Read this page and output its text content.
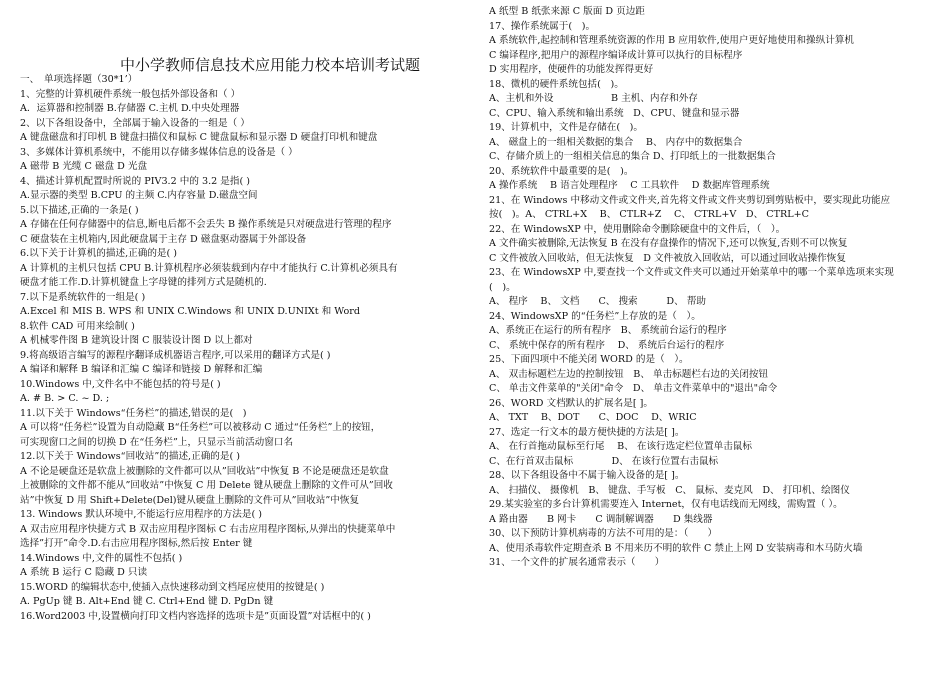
中小学教师信息技术应用能力校本培训考试题
一、　单项选择题（30*1’）
1、完整的计算机硬件系统一般包括外部设备和（ ）
A．运算器和控制器 B.存储器 C.主机 D.中央处理器
2、以下各组设备中，全部属于输入设备的一组是（ ）
A 键盘磁盘和打印机 B 键盘扫描仪和鼠标 C 键盘鼠标和显示器 D 硬盘打印机和键盘
3、多媒体计算机系统中，不能用以存储多媒体信息的设备是（ ）
A 磁带 B 光缆 C 磁盘 D 光盘
4、描述计算机配置时所说的 PIV3.2 中的 3.2 是指( )
A.显示器的类型 B.CPU 的主频 C.内存容量 D.磁盘空间
5.以下描述,正确的一条是( )
A 存储在任何存储器中的信息,断电后都不会丢失 B 操作系统是只对硬盘进行管理的程序
C 硬盘装在主机箱内,因此硬盘属于主存 D 磁盘驱动器属于外部设备
6.以下关于计算机的描述,正确的是( )
A 计算机的主机只包括 CPU B.计算机程序必须装载到内存中才能执行 C.计算机必须具有
硬盘才能工作.D.计算机键盘上字母键的排列方式是随机的.
7.以下是系统软件的一组是( )
A.Excel 和 MIS B. WPS 和 UNIX C.Windows 和 UNIX D.UNIXt 和 Word
8.软件 CAD 可用来绘制( )
A 机械零件图 B 建筑设计图 C 服装设计图 D 以上都对
9.将高级语言编写的源程序翻译成机器语言程序,可以采用的翻译方式是( )
A 编译和解释 B 编译和汇编 C 编译和链接 D 解释和汇编
10.Windows 中,文件名中不能包括的符号是( )
A. # B. > C. ~ D. ;
11.以下关于 Windows“任务栏”的描述,错误的是(　)
A 可以将“任务栏”设置为自动隐藏 B“任务栏”可以被移动 C 通过“任务栏”上的按钮，
可实现窗口之间的切换 D 在“任务栏”上，只显示当前活动窗口名
12.以下关于 Windows“回收站”的描述,正确的是( )
A 不论是硬盘还是软盘上被删除的文件都可以从”回收站”中恢复 B 不论是硬盘还是软盘
上被删除的文件都不能从”回收站”中恢复 C 用 Delete 键从硬盘上删除的文件可从”回收
站”中恢复 D 用 Shift+Delete(Del)键从硬盘上删除的文件可从”回收站”中恢复
13. Windows 默认环境中,不能运行应用程序的方法是( )
A 双击应用程序快捷方式 B 双击应用程序图标 C 右击应用程序图标,从弹出的快捷菜单中
选择”打开”命令.D.右击应用程序图标,然后按 Enter 键
14.Windows 中,文件的属性不包括( )
A 系统 B 运行 C 隐藏 D 只读
15.WORD 的编辑状态中,使插入点快速移动到文档尾应使用的按键是( )
A. PgUp 键 B. Alt+End 键 C. Ctrl+End 键 D. PgDn 键
16.Word2003 中,设置横向打印文档内容选择的选项卡是”页面设置”对话框中的( )
A 纸型 B 纸张来源 C 版面 D 页边距
17、操作系统属于(　)。
A 系统软件,起控制和管理系统资源的作用 B 应用软件,使用户更好地使用和操纵计算机
C 编译程序,把用户的源程序编译成计算可以执行的目标程序
D 实用程序，使硬件的功能发挥得更好
18、微机的硬件系统包括(　)。
A、主机和外设　　　　　　B 主机、内存和外存
C、CPU、输入系统和输出系统　D、CPU、键盘和显示器
19、计算机中，文件是存储在(　)。
A、 磁盘上的一组相关数据的集合　 B、 内存中的数据集合
C、存储介质上的一组相关信息的集合 D、打印纸上的一批数据集合
20、系统软件中最重要的是(　)。
A 操作系统　 B 语言处理程序　 C 工具软件　 D 数据库管理系统
21、在 Windows 中移动文件或文件夹,首先将文件或文件夹剪切到剪贴板中，要实现此功能应
按(　)。A、 CTRL+X　 B、 CTLR+Z　 C、 CTRL+V　D、 CTRL+C
22、在 WindowsXP 中，使用删除命令删除硬盘中的文件后，（　）。
A 文件确实被删除,无法恢复 B 在没有存盘操作的情况下,还可以恢复,否则不可以恢复
C 文件被放入回收站，但无法恢复　D 文件被放入回收站，可以通过回收站操作恢复
23、在 WindowsXP 中,要查找一个文件或文件夹可以通过开始菜单中的哪一个菜单选项来实现
(　)。
A、 程序　 B、 文档　　C、 搜索　　　D、 帮助
24、WindowsXP 的“任务栏”上存放的是（　）。
A、系统正在运行的所有程序　B、 系统前台运行的程序
C、 系统中保存的所有程序　 D、 系统后台运行的程序
25、下面四项中不能关闭 WORD 的是（　）。
A、 双击标题栏左边的控制按钮　B、 单击标题栏右边的关闭按钮
C、 单击文件菜单的"关闭"命令　D、 单击文件菜单中的"退出"命令
26、WORD 文档默认的扩展名是[ ]。
A、 TXT　 B、DOT　　C、DOC　 D、WRIC
27、选定一行文本的最方便快捷的方法是[ ]。
A、 在行首拖动鼠标至行尾　 B、 在该行选定栏位置单击鼠标
C、在行首双击鼠标　　　　D、 在该行位置右击鼠标
28、以下各组设备中不属于输入设备的是[ ]。
A、 扫描仪、 摄像机　B、 键盘、手写板　C、 鼠标、麦克风　D、 打印机、绘图仪
29.某实验室的多台计算机需要连入 Internet，仅有电话线而无网线，需购置（ ）。
A 路由器　　B 网卡　　C 调制解调器　　D 集线器
30、以下预防计算机病毒的方法不可用的是：（　　）
A、使用杀毒软件定期查杀 B 不用来历不明的软件 C 禁止上网 D 安装病毒和木马防火墙
31、一个文件的扩展名通常表示（　　）
